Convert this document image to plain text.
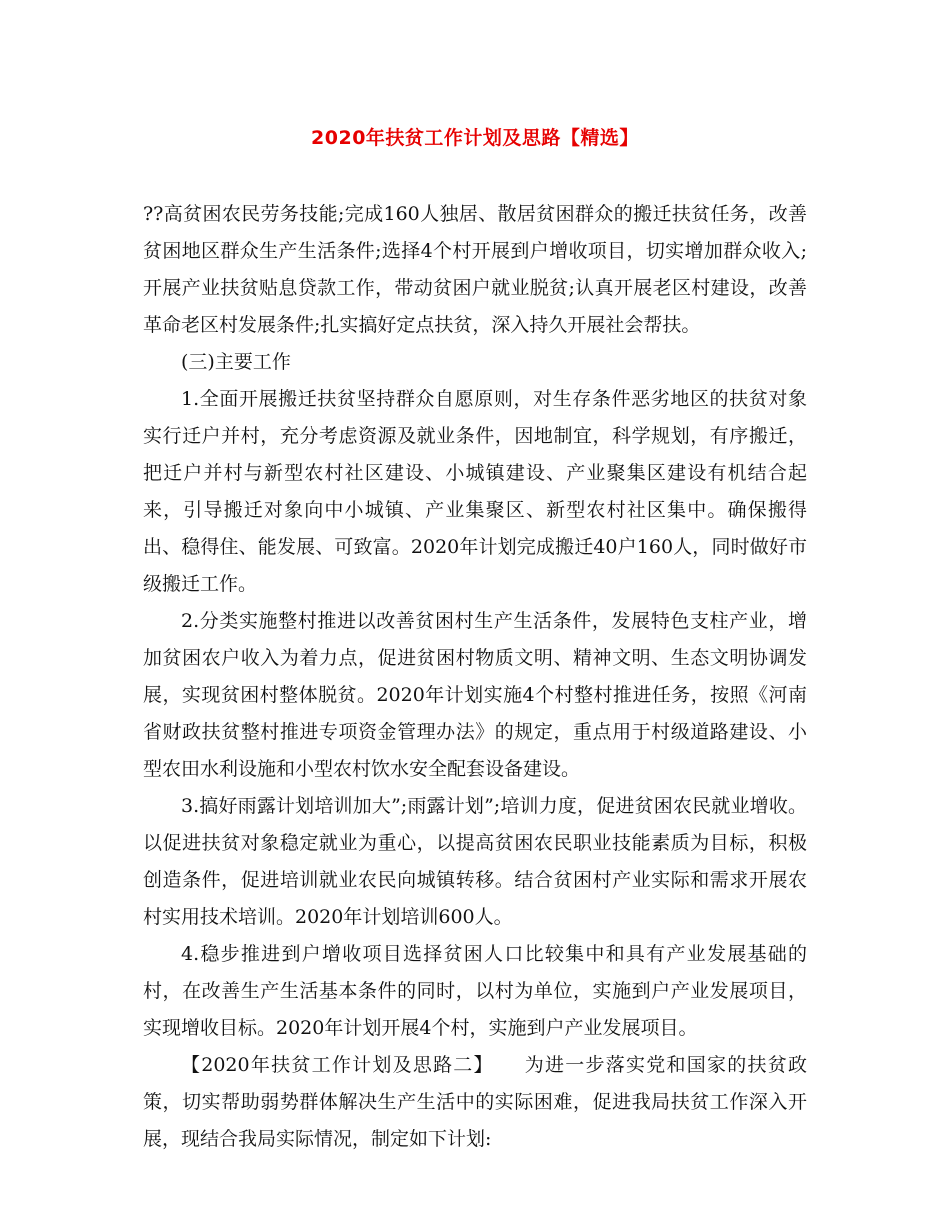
2020年扶贫工作计划及思路【精选】

??高贫困农民劳务技能;完成160人独居、散居贫困群众的搬迁扶贫任务，改善贫困地区群众生产生活条件;选择4个村开展到户增收项目，切实增加群众收入;开展产业扶贫贴息贷款工作，带动贫困户就业脱贫;认真开展老区村建设，改善革命老区村发展条件;扎实搞好定点扶贫，深入持久开展社会帮扶。

(三)主要工作

1.全面开展搬迁扶贫坚持群众自愿原则，对生存条件恶劣地区的扶贫对象实行迁户并村，充分考虑资源及就业条件，因地制宜，科学规划，有序搬迁，把迁户并村与新型农村社区建设、小城镇建设、产业聚集区建设有机结合起来，引导搬迁对象向中小城镇、产业集聚区、新型农村社区集中。确保搬得出、稳得住、能发展、可致富。2020年计划完成搬迁40户160人，同时做好市级搬迁工作。

2.分类实施整村推进以改善贫困村生产生活条件，发展特色支柱产业，增加贫困农户收入为着力点，促进贫困村物质文明、精神文明、生态文明协调发展，实现贫困村整体脱贫。2020年计划实施4个村整村推进任务，按照《河南省财政扶贫整村推进专项资金管理办法》的规定，重点用于村级道路建设、小型农田水利设施和小型农村饮水安全配套设备建设。

3.搞好雨露计划培训加大”;雨露计划”;培训力度，促进贫困农民就业增收。以促进扶贫对象稳定就业为重心，以提高贫困农民职业技能素质为目标，积极创造条件，促进培训就业农民向城镇转移。结合贫困村产业实际和需求开展农村实用技术培训。2020年计划培训600人。

4.稳步推进到户增收项目选择贫困人口比较集中和具有产业发展基础的村，在改善生产生活基本条件的同时，以村为单位，实施到户产业发展项目，实现增收目标。2020年计划开展4个村，实施到户产业发展项目。

【2020年扶贫工作计划及思路二】　　为进一步落实党和国家的扶贫政策，切实帮助弱势群体解决生产生活中的实际困难，促进我局扶贫工作深入开展，现结合我局实际情况，制定如下计划:
